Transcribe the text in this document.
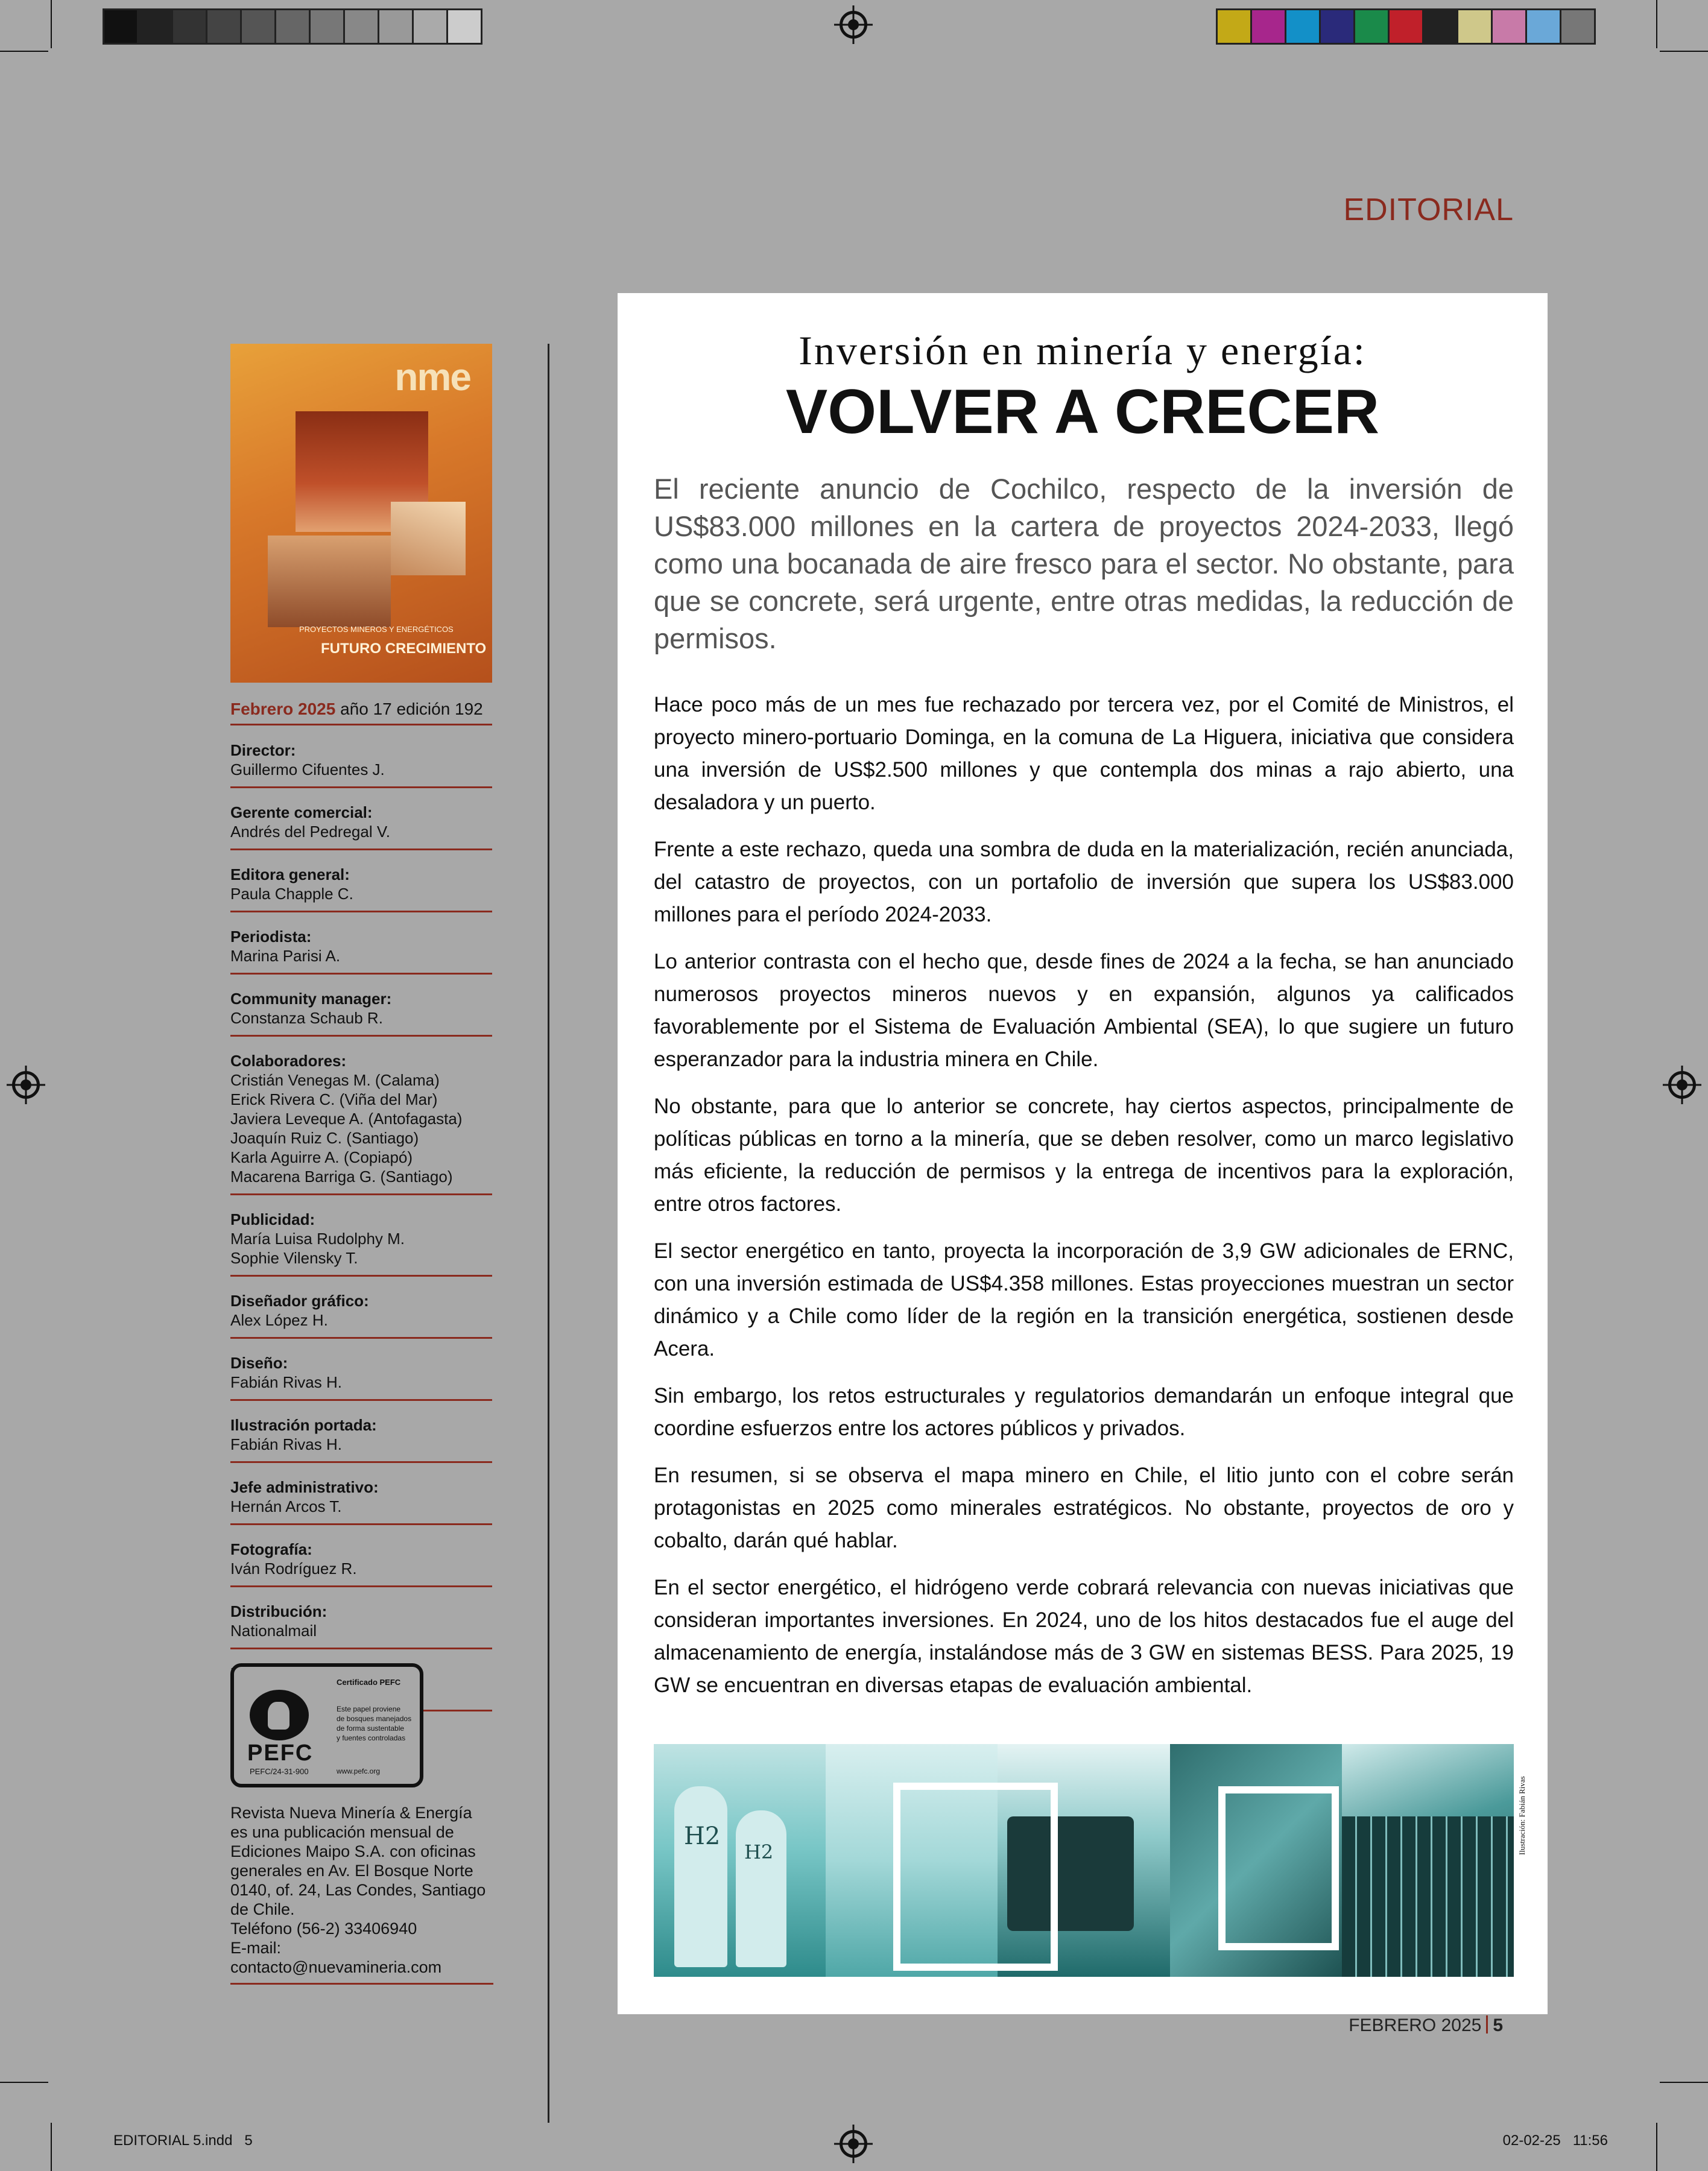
EDITORIAL
nme
PROYECTOS MINEROS Y ENERGÉTICOS
FUTURO CRECIMIENTO
Febrero 2025 año 17 edición 192
Director:
Guillermo Cifuentes J.
Gerente comercial:
Andrés del Pedregal V.
Editora general:
Paula Chapple C.
Periodista:
Marina Parisi A.
Community manager:
Constanza Schaub R.
Colaboradores:
Cristián Venegas M. (Calama)
Erick Rivera C. (Viña del Mar)
Javiera Leveque A. (Antofagasta)
Joaquín Ruiz C. (Santiago)
Karla Aguirre A. (Copiapó)
Macarena Barriga G. (Santiago)
Publicidad:
María Luisa Rudolphy M.
Sophie Vilensky T.
Diseñador gráfico:
Alex López H.
Diseño:
Fabián Rivas H.
Ilustración portada:
Fabián Rivas H.
Jefe administrativo:
Hernán Arcos T.
Fotografía:
Iván Rodríguez R.
Distribución:
Nationalmail
PEFC
PEFC/24-31-900
Certificado PEFC
Este papel proviene
de bosques manejados
de forma sustentable
y fuentes controladas
www.pefc.org
Revista Nueva Minería & Energía
es una publicación mensual de
Ediciones Maipo S.A. con oficinas
generales en Av. El Bosque Norte
0140, of. 24, Las Condes, Santiago
de Chile.
Teléfono (56-2) 33406940
E-mail: contacto@nuevamineria.com
Inversión en minería y energía:
VOLVER A CRECER
El reciente anuncio de Cochilco, respecto de la inversión de US$83.000 millones en la cartera de proyectos 2024-2033, llegó como una bocanada de aire fresco para el sector. No obstante, para que se concrete, será urgente, entre otras medidas, la reducción de permisos.

Hace poco más de un mes fue rechazado por tercera vez, por el Comité de Ministros, el proyecto minero-portuario Dominga, en la comuna de La Higuera, iniciativa que considera una inversión de US$2.500 millones y que contempla dos minas a rajo abierto, una desaladora y un puerto.

Frente a este rechazo, queda una sombra de duda en la materialización, recién anunciada, del catastro de proyectos, con un portafolio de inversión que supera los US$83.000 millones para el período 2024-2033.

Lo anterior contrasta con el hecho que, desde fines de 2024 a la fecha, se han anunciado numerosos proyectos mineros nuevos y en expansión, algunos ya calificados favorablemente por el Sistema de Evaluación Ambiental (SEA), lo que sugiere un futuro esperanzador para la industria minera en Chile.

No obstante, para que lo anterior se concrete, hay ciertos aspectos, principalmente de políticas públicas en torno a la minería, que se deben resolver, como un marco legislativo más eficiente, la reducción de permisos y la entrega de incentivos para la exploración, entre otros factores.

El sector energético en tanto, proyecta la incorporación de 3,9 GW adicionales de ERNC, con una inversión estimada de US$4.358 millones. Estas proyecciones muestran un sector dinámico y a Chile como líder de la región en la transición energética, sostienen desde Acera.

Sin embargo, los retos estructurales y regulatorios demandarán un enfoque integral que coordine esfuerzos entre los actores públicos y privados.

En resumen, si se observa el mapa minero en Chile, el litio junto con el cobre serán protagonistas en 2025 como minerales estratégicos. No obstante, proyectos de oro y cobalto, darán qué hablar.

En el sector energético, el hidrógeno verde cobrará relevancia con nuevas iniciativas que consideran importantes inversiones. En 2024, uno de los hitos destacados fue el auge del almacenamiento de energía, instalándose más de 3 GW en sistemas BESS. Para 2025, 19 GW se encuentran en diversas etapas de evaluación ambiental.

H2
H2	Ilustración: Fabián Rivas
FEBRERO 2025 5
EDITORIAL 5.indd   5	02-02-25   11:56
